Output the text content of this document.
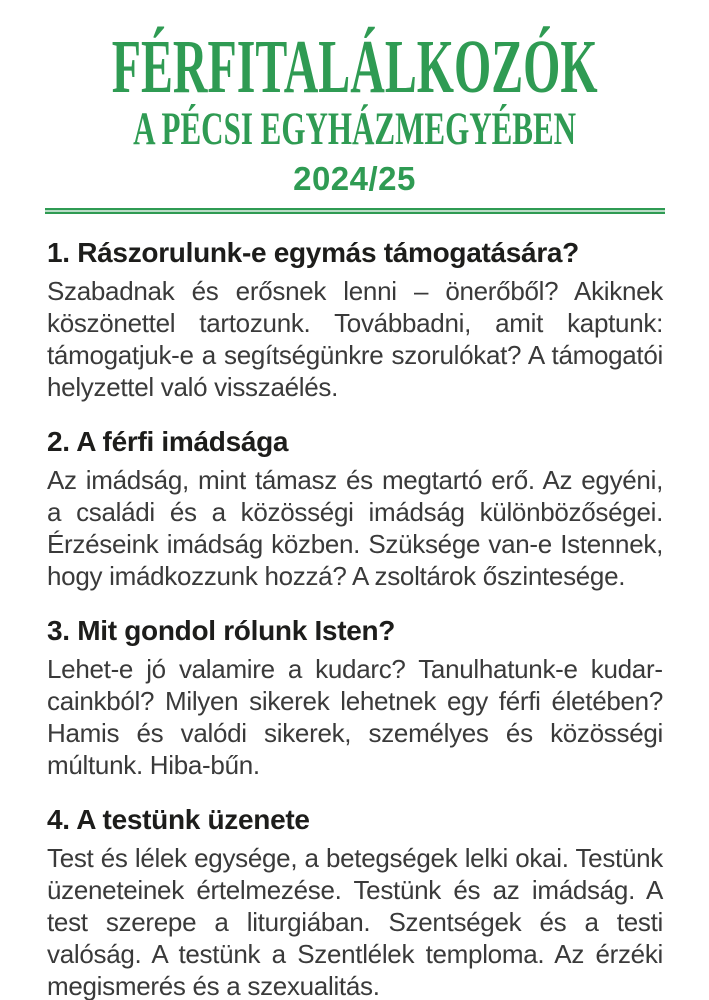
FÉRFITALÁLKOZÓK
A PÉCSI EGYHÁZMEGYÉBEN
2024/25
1. Rászorulunk-e egymás támogatására?

Szabadnak és erősnek lenni – önerőből? Akiknek köszönettel tartozunk. Továbbadni, amit kaptunk: támogatjuk-e a segítségünkre szorulókat? A támogatói helyzettel való visszaélés.

2. A férfi imádsága

Az imádság, mint támasz és megtartó erő. Az egyéni, a családi és a közösségi imádság különbözőségei. Érzéseink imádság közben. Szüksége van-e Istennek, hogy imádkozzunk hozzá? A zsoltárok őszintesége.

3. Mit gondol rólunk Isten?

Lehet-e jó valamire a kudarc? Tanulhatunk-e kudarcainkból? Milyen sikerek lehetnek egy férfi életében? Hamis és valódi sikerek, személyes és közösségi múltunk. Hiba-bűn.

4. A testünk üzenete

Test és lélek egysége, a betegségek lelki okai. Testünk üzeneteinek értelmezése. Testünk és az imádság. A test szerepe a liturgiában. Szentségek és a testi valóság. A testünk a Szentlélek temploma. Az érzéki megismerés és a szexualitás.
